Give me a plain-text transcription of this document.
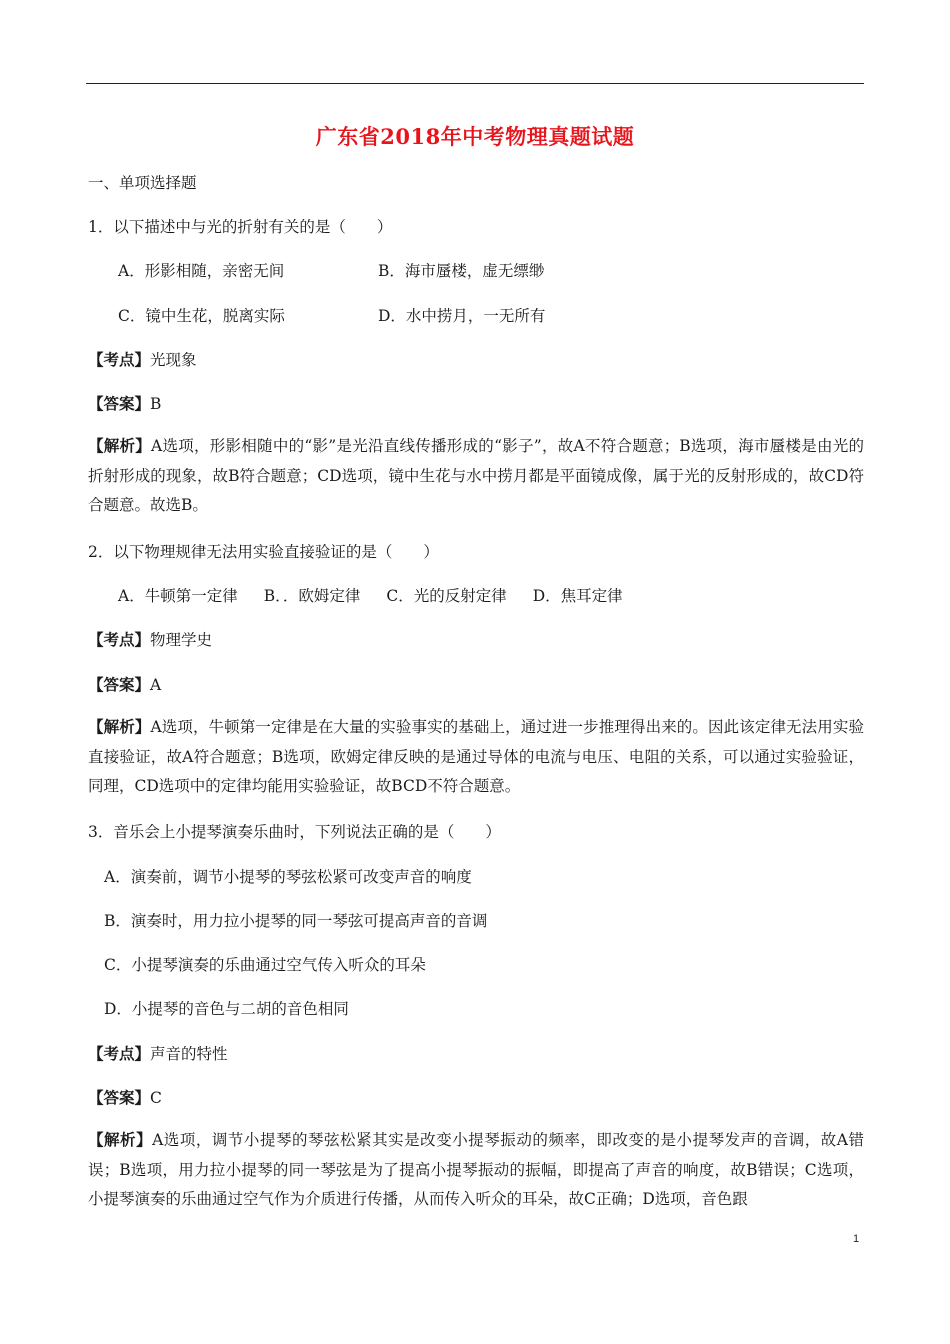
广东省2018年中考物理真题试题
一、单项选择题
1．以下描述中与光的折射有关的是（　　）
A．形影相随，亲密无间	B．海市蜃楼，虚无缥缈
C．镜中生花，脱离实际	D．水中捞月，一无所有
【考点】光现象
【答案】B
【解析】A选项，形影相随中的“影”是光沿直线传播形成的“影子”，故A不符合题意；B选项，海市蜃楼是由光的折射形成的现象，故B符合题意；CD选项，镜中生花与水中捞月都是平面镜成像，属于光的反射形成的，故CD符合题意。故选B。
2．以下物理规律无法用实验直接验证的是（　　）
A．牛顿第一定律 B．．欧姆定律 C．光的反射定律 D．焦耳定律
【考点】物理学史
【答案】A
【解析】A选项，牛顿第一定律是在大量的实验事实的基础上，通过进一步推理得出来的。因此该定律无法用实验直接验证，故A符合题意；B选项，欧姆定律反映的是通过导体的电流与电压、电阻的关系，可以通过实验验证，同理，CD选项中的定律均能用实验验证，故BCD不符合题意。
3．音乐会上小提琴演奏乐曲时，下列说法正确的是（　　）
A．演奏前，调节小提琴的琴弦松紧可改变声音的响度
B．演奏时，用力拉小提琴的同一琴弦可提高声音的音调
C．小提琴演奏的乐曲通过空气传入听众的耳朵
D．小提琴的音色与二胡的音色相同
【考点】声音的特性
【答案】C
【解析】A选项，调节小提琴的琴弦松紧其实是改变小提琴振动的频率，即改变的是小提琴发声的音调，故A错误；B选项，用力拉小提琴的同一琴弦是为了提高小提琴振动的振幅，即提高了声音的响度，故B错误；C选项，小提琴演奏的乐曲通过空气作为介质进行传播，从而传入听众的耳朵，故C正确；D选项，音色跟
1
